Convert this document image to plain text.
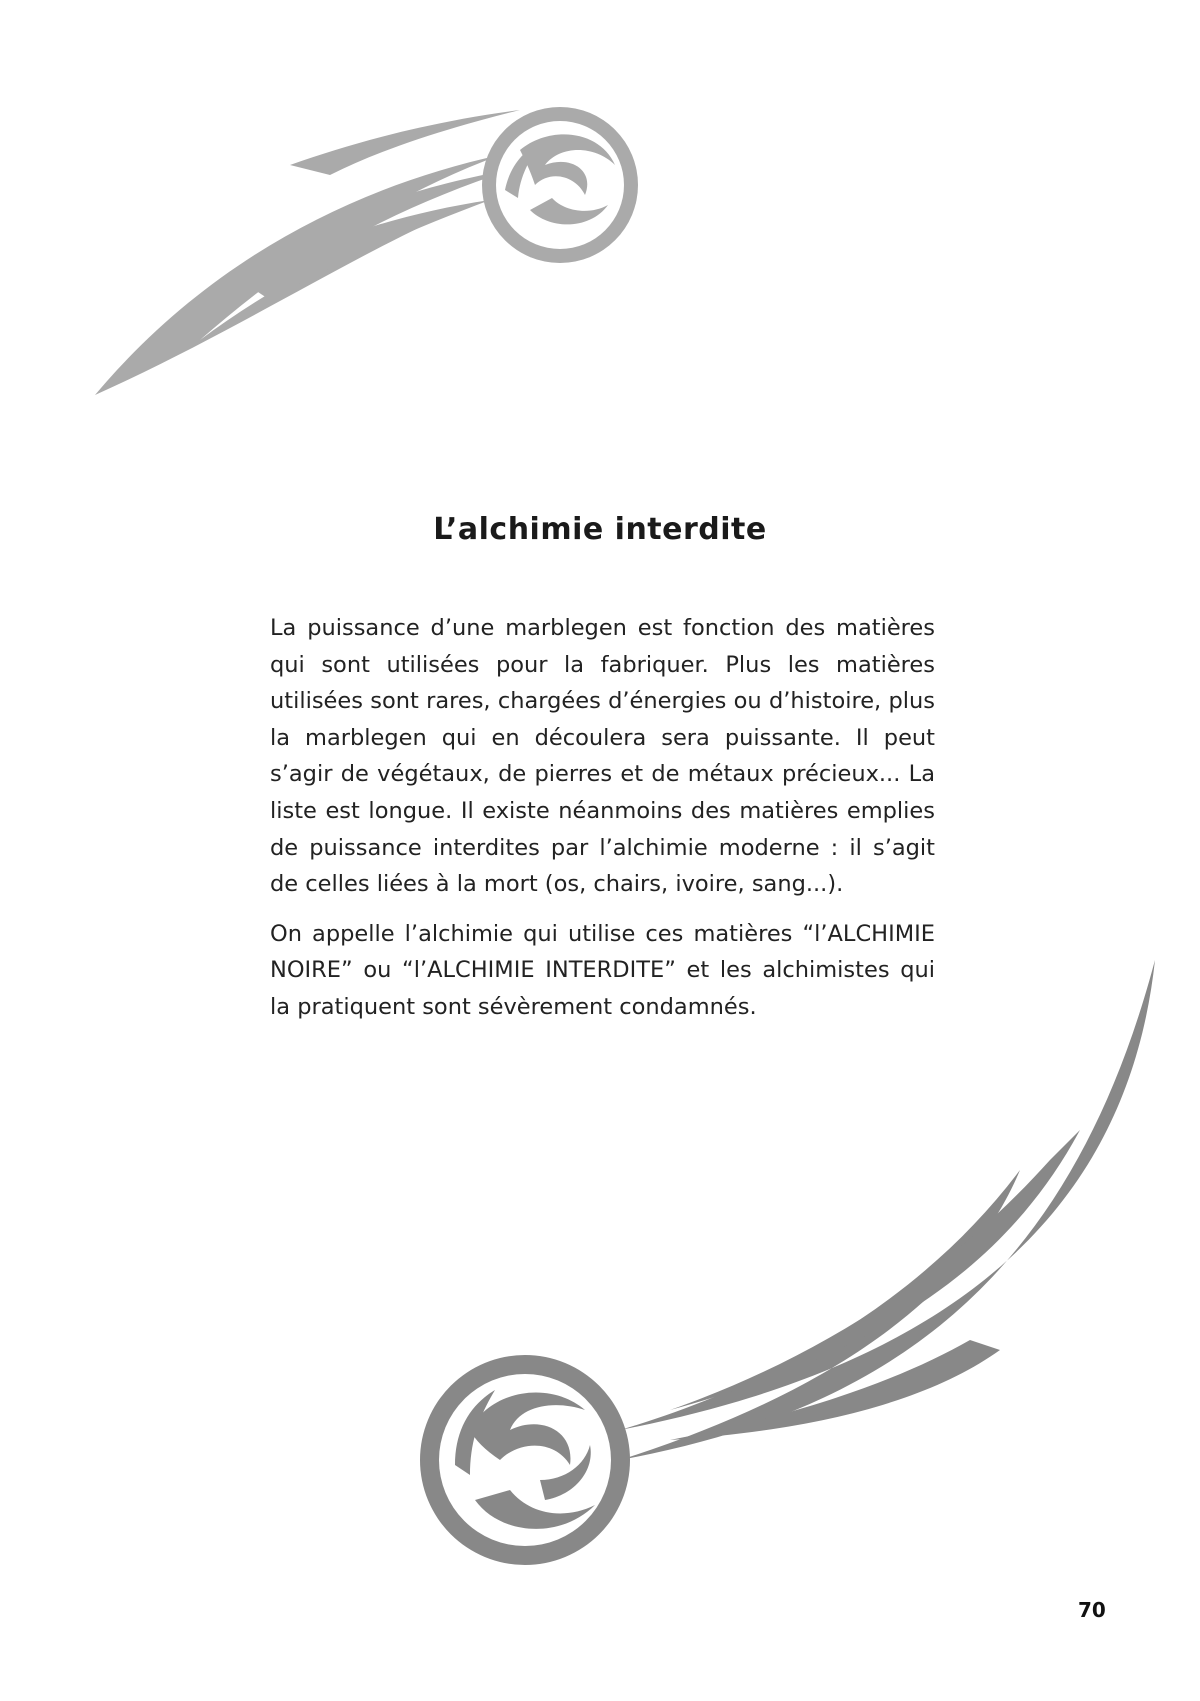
L’alchimie interdite

La puissance d’une marblegen est fonction des matières qui sont utilisées pour la fabriquer. Plus les matières utilisées sont rares, chargées d’énergies ou d’histoire, plus la marblegen qui en découlera sera puissante. Il peut s’agir de végétaux, de pierres et de métaux précieux... La liste est longue. Il existe néanmoins des matières emplies de puissance interdites par l’alchimie moderne : il s’agit de celles liées à la mort (os, chairs, ivoire, sang...).

On appelle l’alchimie qui utilise ces matières “l’ALCHIMIE NOIRE” ou “l’ALCHIMIE INTERDITE” et les alchimistes qui la pratiquent sont sévèrement condamnés.

70
